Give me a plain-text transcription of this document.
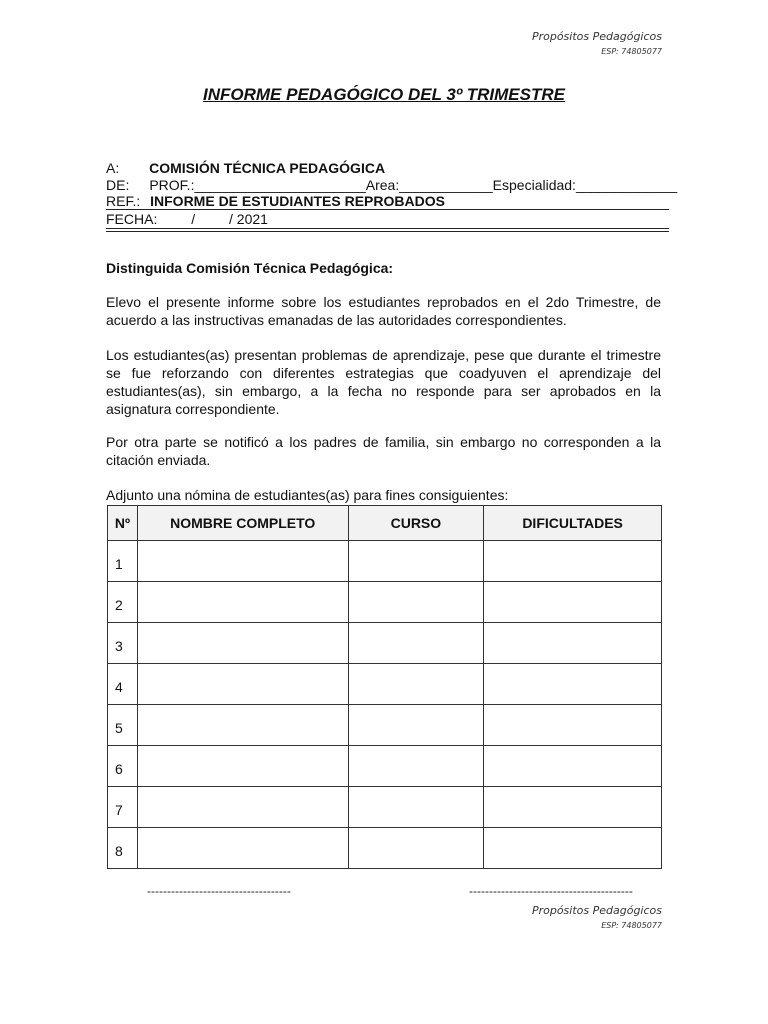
Propósitos Pedagógicos
ESP: 74805077
INFORME PEDAGÓGICO DEL 3º TRIMESTRE
A: COMISIÓN TÉCNICA PEDAGÓGICA
DE: PROF.:______________________Area:____________Especialidad:_____________
REF.: INFORME DE ESTUDIANTES REPROBADOS
FECHA: / / 2021
Distinguida Comisión Técnica Pedagógica:
Elevo el presente informe sobre los estudiantes reprobados en el 2do Trimestre, de acuerdo a las instructivas emanadas de las autoridades correspondientes.
Los estudiantes(as) presentan problemas de aprendizaje, pese que durante el trimestre se fue reforzando con diferentes estrategias que coadyuven el aprendizaje del estudiantes(as), sin embargo, a la fecha no responde para ser aprobados en la asignatura correspondiente.
Por otra parte se notificó a los padres de familia, sin embargo no corresponden a la citación enviada.
Adjunto una nómina de estudiantes(as) para fines consiguientes:
Nº	NOMBRE COMPLETO	CURSO	DIFICULTADES
1			
2			
3			
4			
5			
6			
7			
8			
------------------------------------	-----------------------------------------
Propósitos Pedagógicos
ESP: 74805077
